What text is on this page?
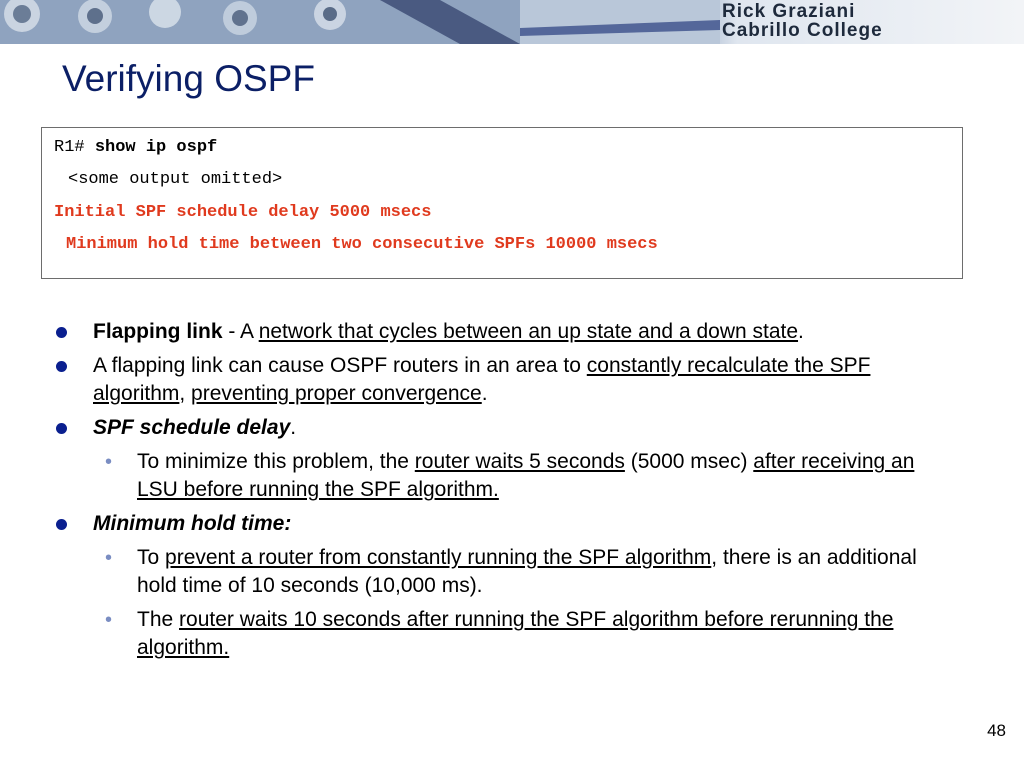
Rick Graziani
Cabrillo College
Verifying OSPF
R1# show ip ospf
<some output omitted>
Initial SPF schedule delay 5000 msecs
Minimum hold time between two consecutive SPFs 10000 msecs
Flapping link - A network that cycles between an up state and a down state.
A flapping link can cause OSPF routers in an area to constantly recalculate the SPF algorithm, preventing proper convergence.
SPF schedule delay.
• To minimize this problem, the router waits 5 seconds (5000 msec) after receiving an LSU before running the SPF algorithm.
Minimum hold time:
• To prevent a router from constantly running the SPF algorithm, there is an additional hold time of 10 seconds (10,000 ms).
• The router waits 10 seconds after running the SPF algorithm before rerunning the algorithm.
48
